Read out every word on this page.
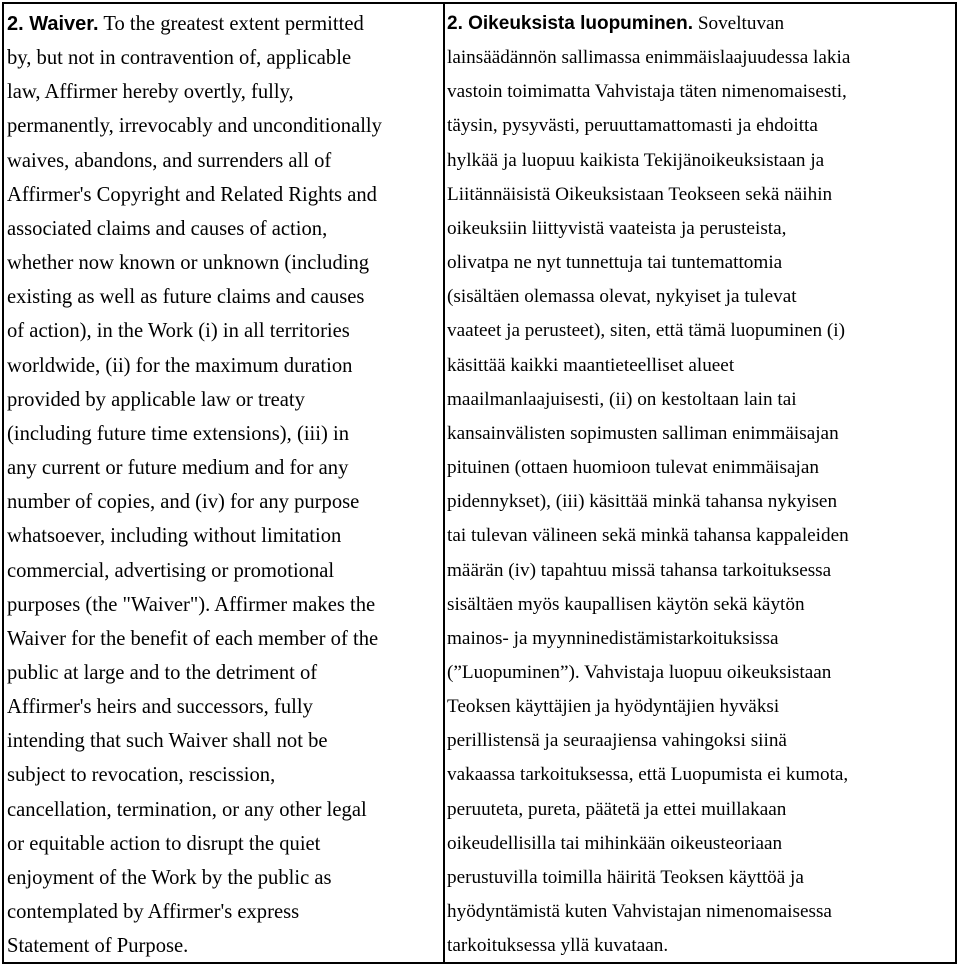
2. Waiver. To the greatest extent permitted
by, but not in contravention of, applicable
law, Affirmer hereby overtly, fully,
permanently, irrevocably and unconditionally
waives, abandons, and surrenders all of
Affirmer's Copyright and Related Rights and
associated claims and causes of action,
whether now known or unknown (including
existing as well as future claims and causes
of action), in the Work (i) in all territories
worldwide, (ii) for the maximum duration
provided by applicable law or treaty
(including future time extensions), (iii) in
any current or future medium and for any
number of copies, and (iv) for any purpose
whatsoever, including without limitation
commercial, advertising or promotional
purposes (the "Waiver"). Affirmer makes the
Waiver for the benefit of each member of the
public at large and to the detriment of
Affirmer's heirs and successors, fully
intending that such Waiver shall not be
subject to revocation, rescission,
cancellation, termination, or any other legal
or equitable action to disrupt the quiet
enjoyment of the Work by the public as
contemplated by Affirmer's express
Statement of Purpose.

2. Oikeuksista luopuminen. Soveltuvan
lainsäädännön sallimassa enimmäislaajuudessa lakia
vastoin toimimatta Vahvistaja täten nimenomaisesti,
täysin, pysyvästi, peruuttamattomasti ja ehdoitta
hylkää ja luopuu kaikista Tekijänoikeuksistaan ja
Liitännäisistä Oikeuksistaan Teokseen sekä näihin
oikeuksiin liittyvistä vaateista ja perusteista,
olivatpa ne nyt tunnettuja tai tuntemattomia
(sisältäen olemassa olevat, nykyiset ja tulevat
vaateet ja perusteet), siten, että tämä luopuminen (i)
käsittää kaikki maantieteelliset alueet
maailmanlaajuisesti, (ii) on kestoltaan lain tai
kansainvälisten sopimusten salliman enimmäisajan
pituinen (ottaen huomioon tulevat enimmäisajan
pidennykset), (iii) käsittää minkä tahansa nykyisen
tai tulevan välineen sekä minkä tahansa kappaleiden
määrän (iv) tapahtuu missä tahansa tarkoituksessa
sisältäen myös kaupallisen käytön sekä käytön
mainos- ja myynninedistämistarkoituksissa
(”Luopuminen”). Vahvistaja luopuu oikeuksistaan
Teoksen käyttäjien ja hyödyntäjien hyväksi
perillistensä ja seuraajiensa vahingoksi siinä
vakaassa tarkoituksessa, että Luopumista ei kumota,
peruuteta, pureta, päätetä ja ettei muillakaan
oikeudellisilla tai mihinkään oikeusteoriaan
perustuvilla toimilla häiritä Teoksen käyttöä ja
hyödyntämistä kuten Vahvistajan nimenomaisessa
tarkoituksessa yllä kuvataan.
